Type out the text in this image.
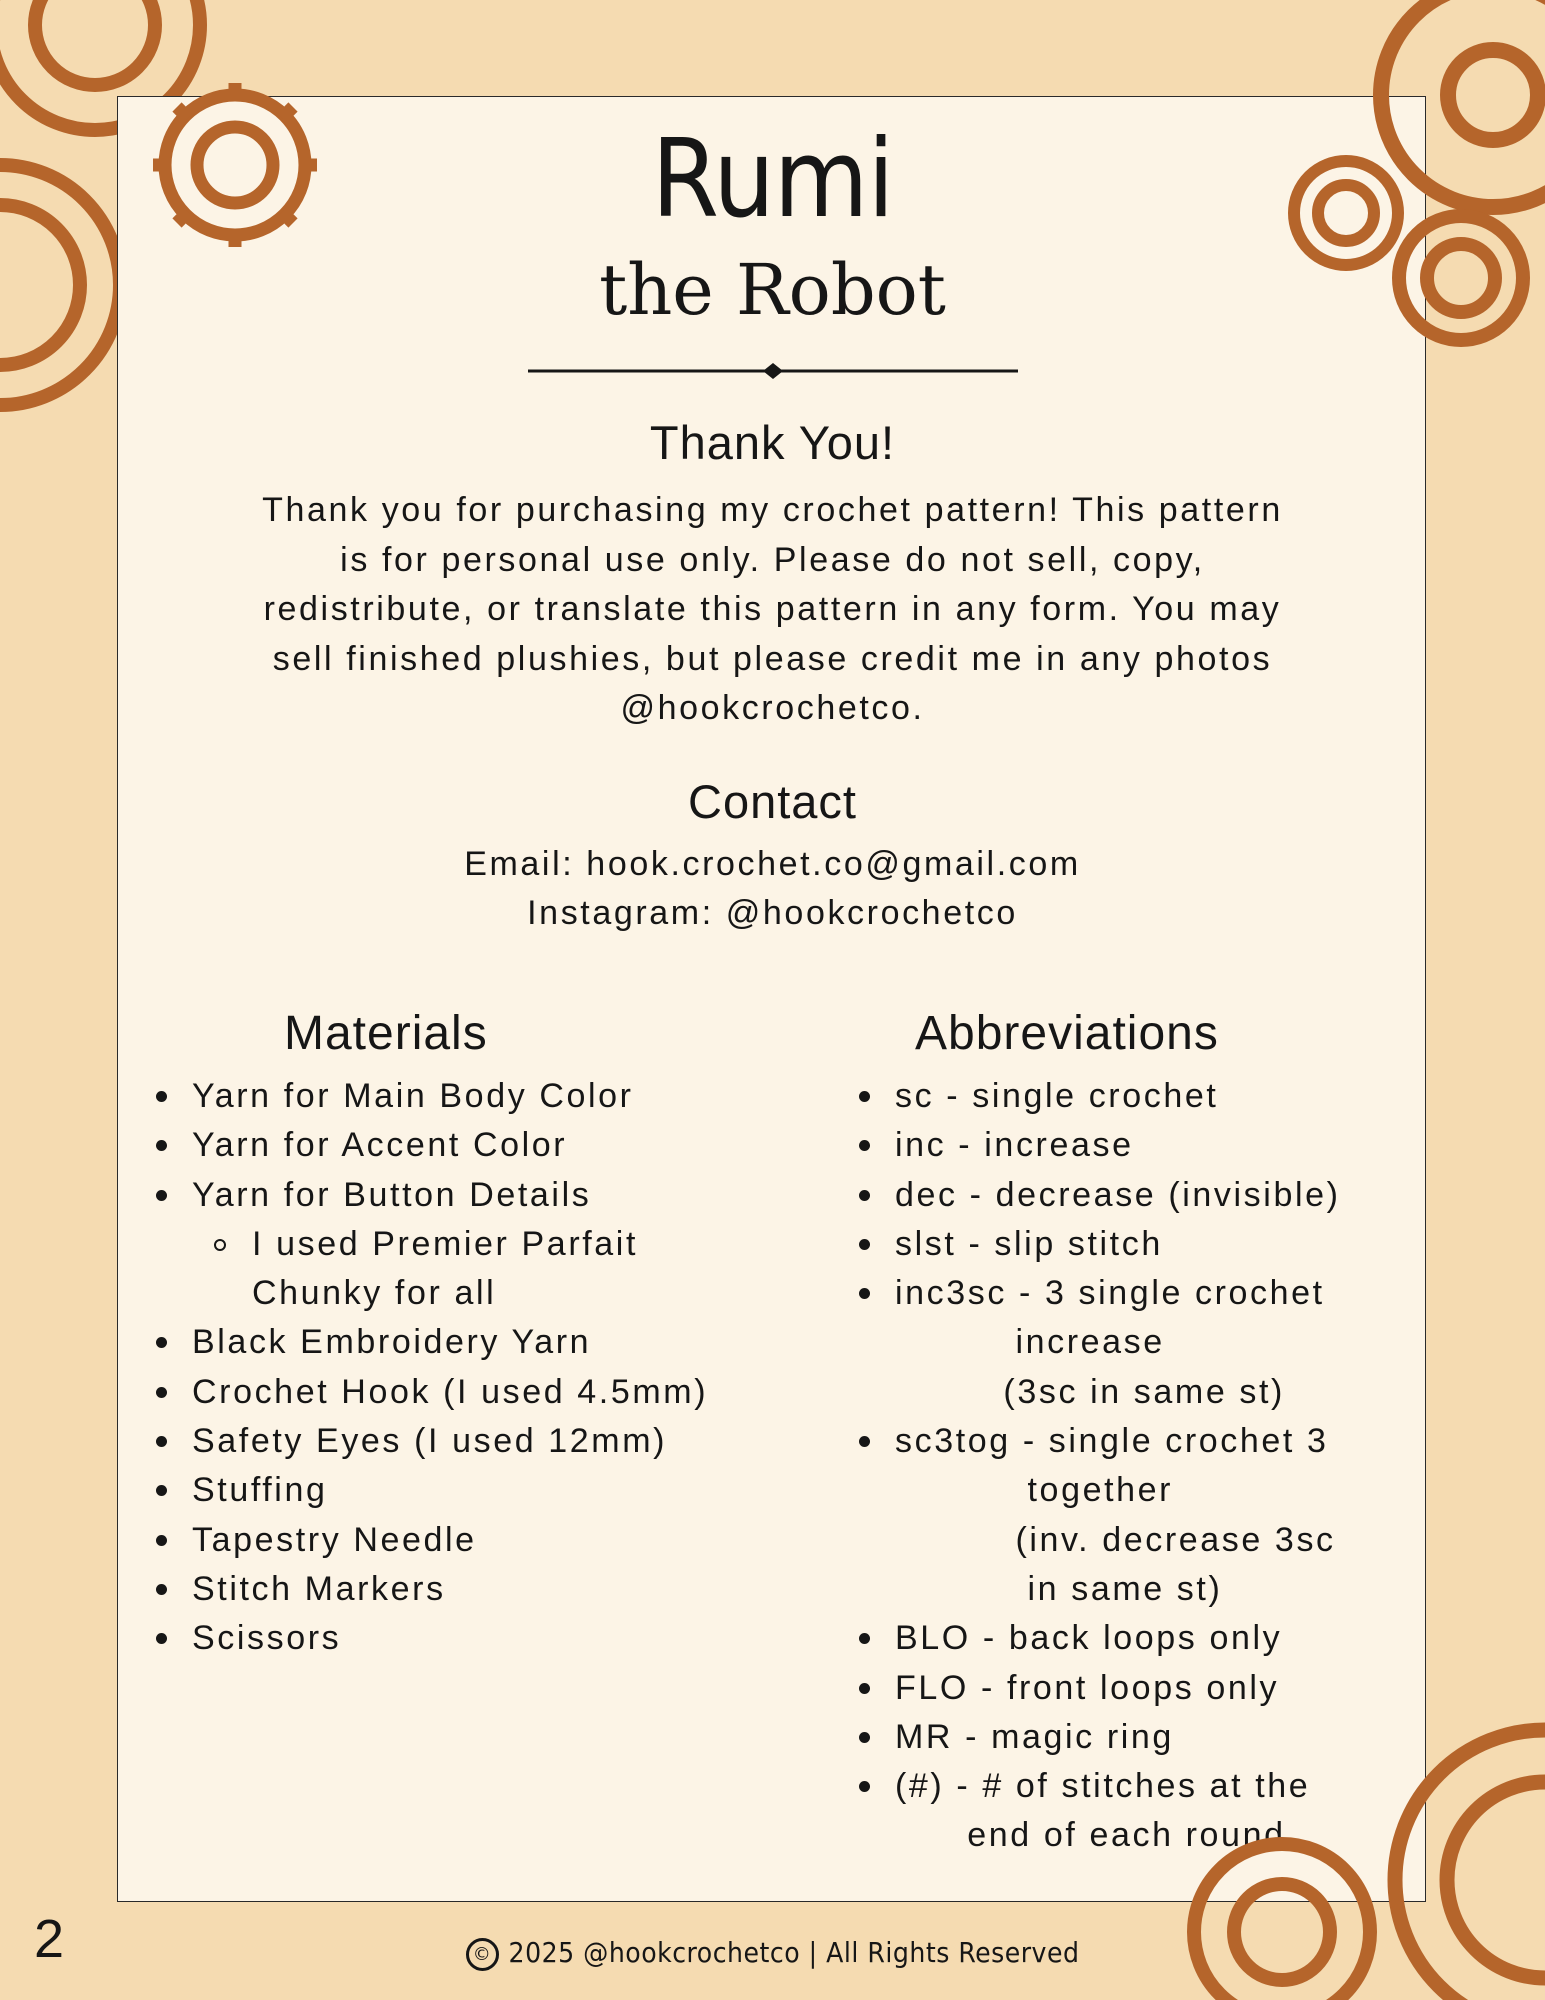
Rumi
the Robot
Thank You!
Thank you for purchasing my crochet pattern! This pattern
is for personal use only. Please do not sell, copy,
redistribute, or translate this pattern in any form. You may
sell finished plushies, but please credit me in any photos
@hookcrochetco.
Contact
Email: hook.crochet.co@gmail.com
Instagram: @hookcrochetco
Materials
Yarn for Main Body Color
Yarn for Accent Color
Yarn for Button Details
I used Premier Parfait
Chunky for all
Black Embroidery Yarn
Crochet Hook (I used 4.5mm)
Safety Eyes (I used 12mm)
Stuffing
Tapestry Needle
Stitch Markers
Scissors
Abbreviations
sc - single crochet
inc - increase
dec - decrease (invisible)
slst - slip stitch
inc3sc - 3 single crochet
increase
(3sc in same st)
sc3tog - single crochet 3
together
(inv. decrease 3sc
in same st)
BLO - back loops only
FLO - front loops only
MR - magic ring
(#) - # of stitches at the
end of each round
2	© 2025 @hookcrochetco | All Rights Reserved
